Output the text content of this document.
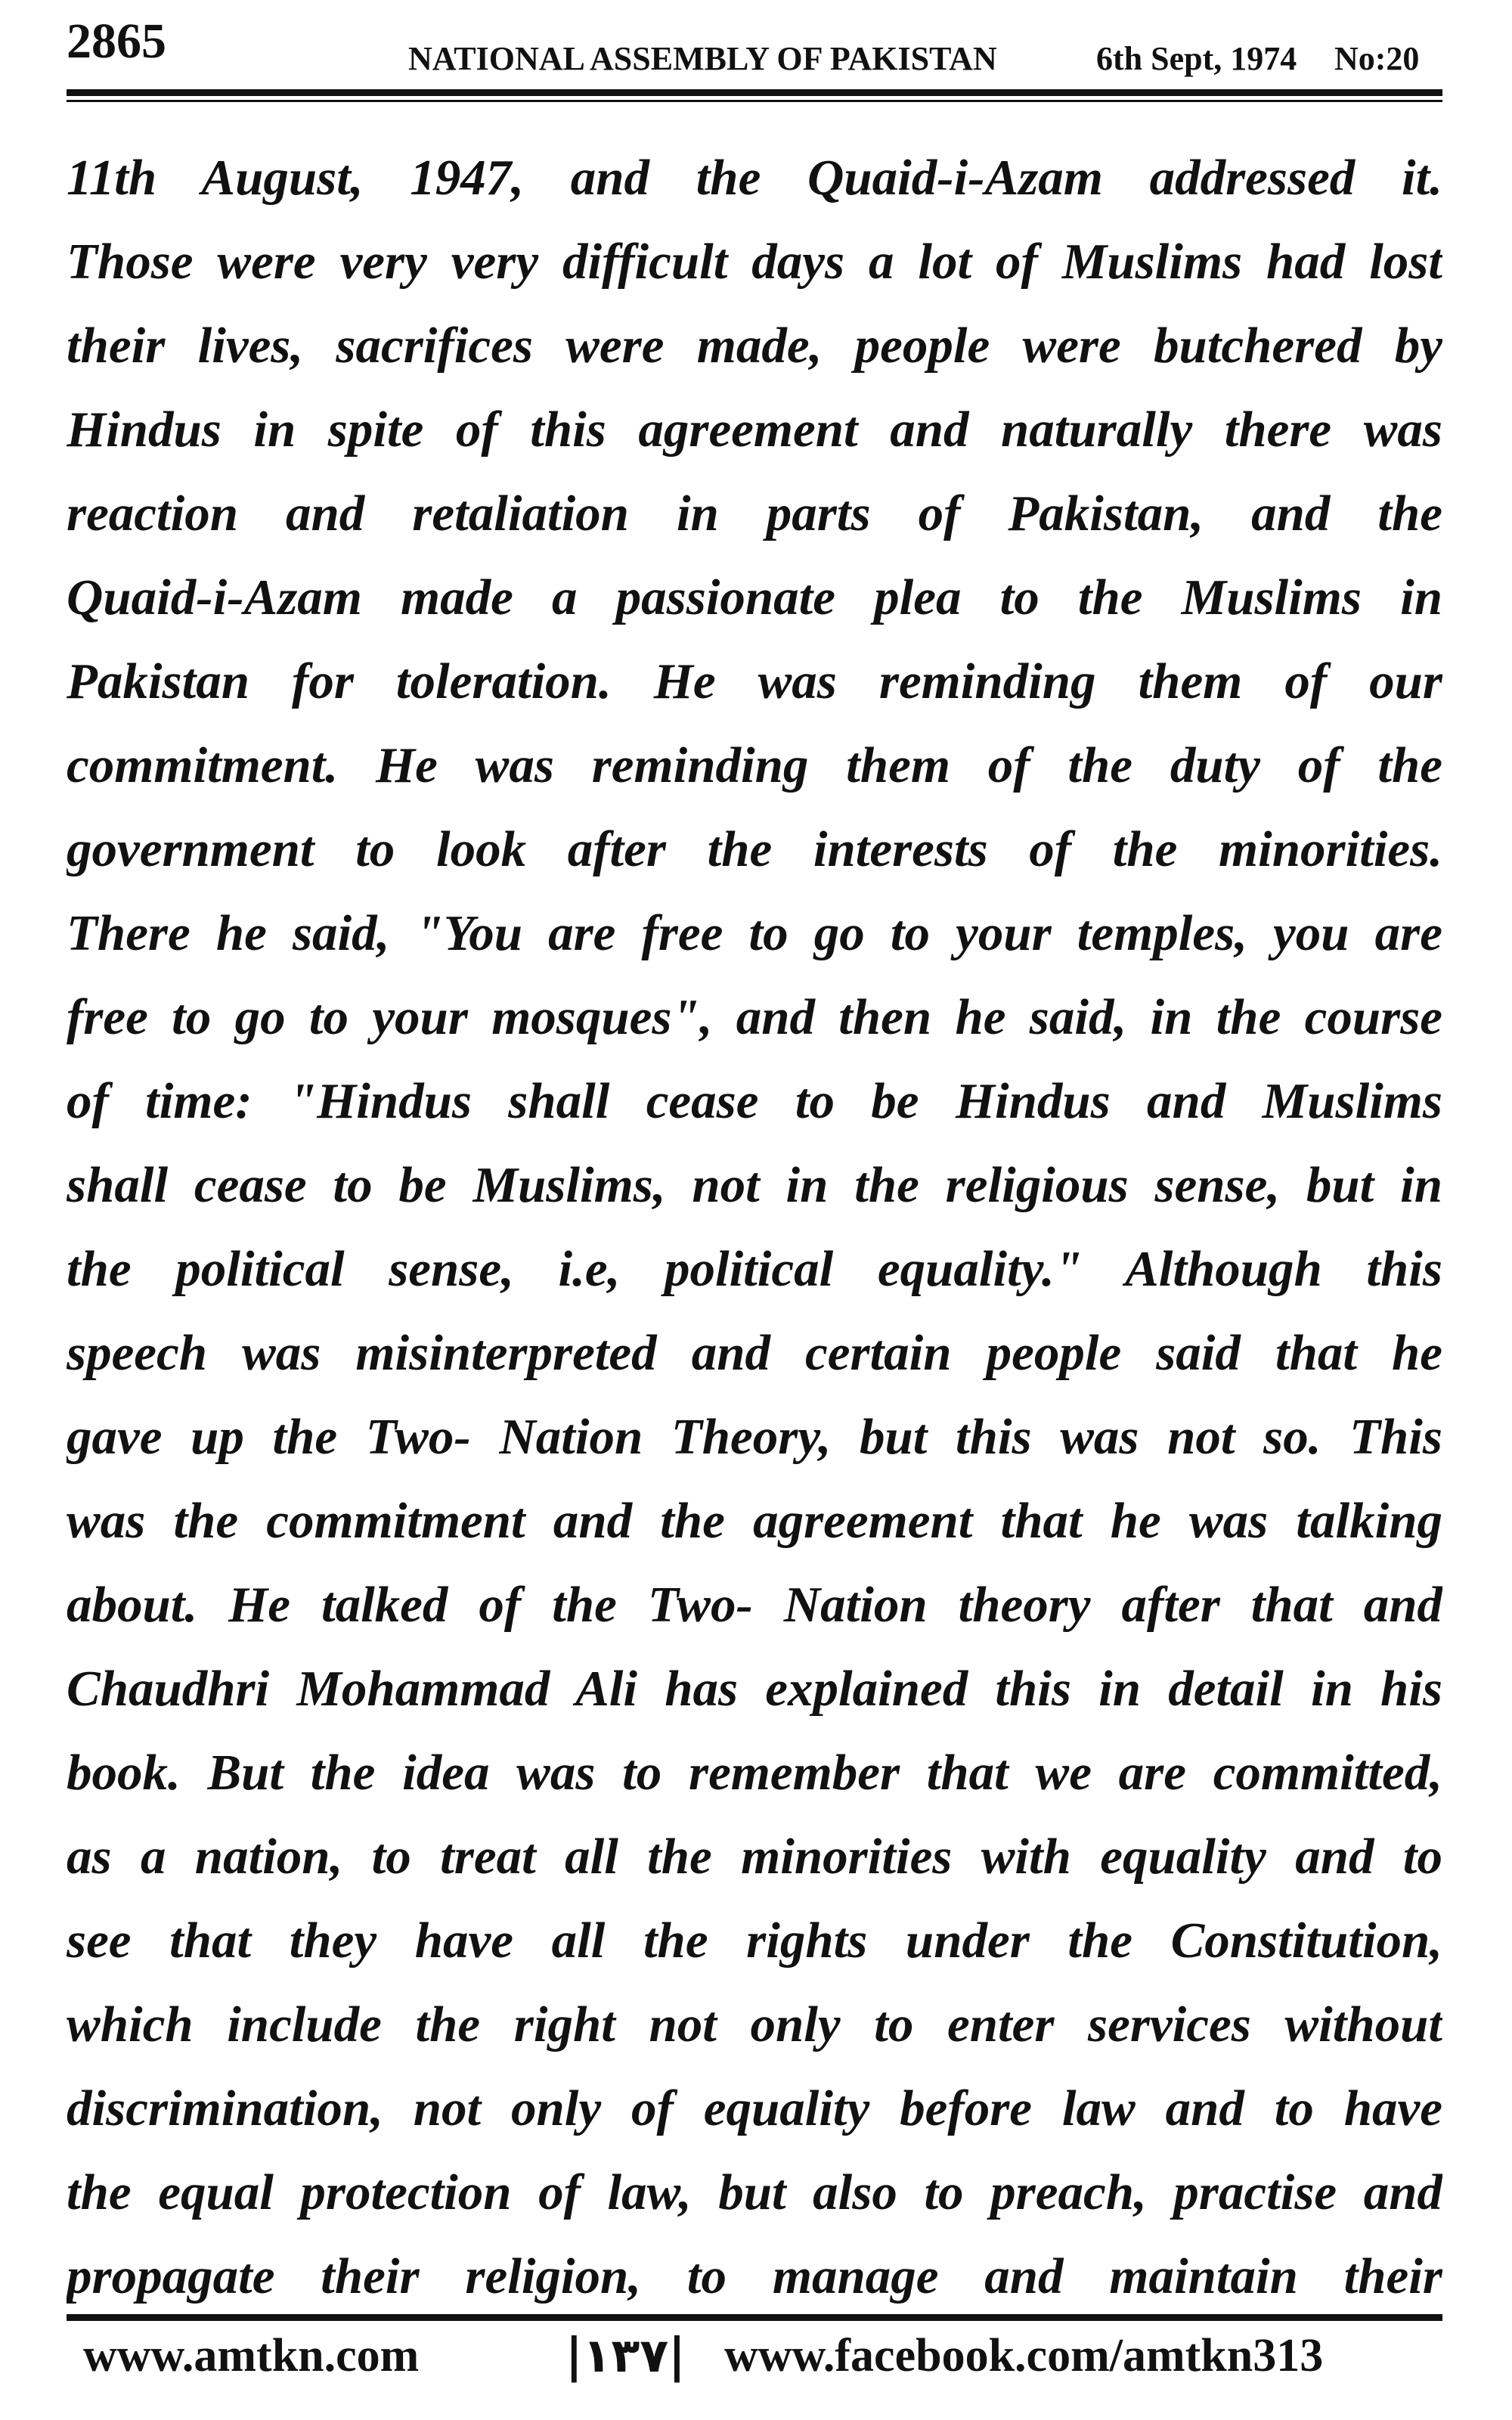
2865	NATIONAL ASSEMBLY OF PAKISTAN	6th Sept, 1974 No:20
11th August, 1947, and the Quaid-i-Azam addressed it.
Those were very very difficult days a lot of Muslims had lost
their lives, sacrifices were made, people were butchered by
Hindus in spite of this agreement and naturally there was
reaction and retaliation in parts of Pakistan, and the
Quaid-i-Azam made a passionate plea to the Muslims in
Pakistan for toleration. He was reminding them of our
commitment. He was reminding them of the duty of the
government to look after the interests of the minorities.
There he said, "You are free to go to your temples, you are
free to go to your mosques", and then he said, in the course
of time: "Hindus shall cease to be Hindus and Muslims
shall cease to be Muslims, not in the religious sense, but in
the political sense, i.e, political equality." Although this
speech was misinterpreted and certain people said that he
gave up the Two- Nation Theory, but this was not so. This
was the commitment and the agreement that he was talking
about. He talked of the Two- Nation theory after that and
Chaudhri Mohammad Ali has explained this in detail in his
book. But the idea was to remember that we are committed,
as a nation, to treat all the minorities with equality and to
see that they have all the rights under the Constitution,
which include the right not only to enter services without
discrimination, not only of equality before law and to have
the equal protection of law, but also to preach, practise and
propagate their religion, to manage and maintain their
www.amtkn.com	|۱۳۷| www.facebook.com/amtkn313
